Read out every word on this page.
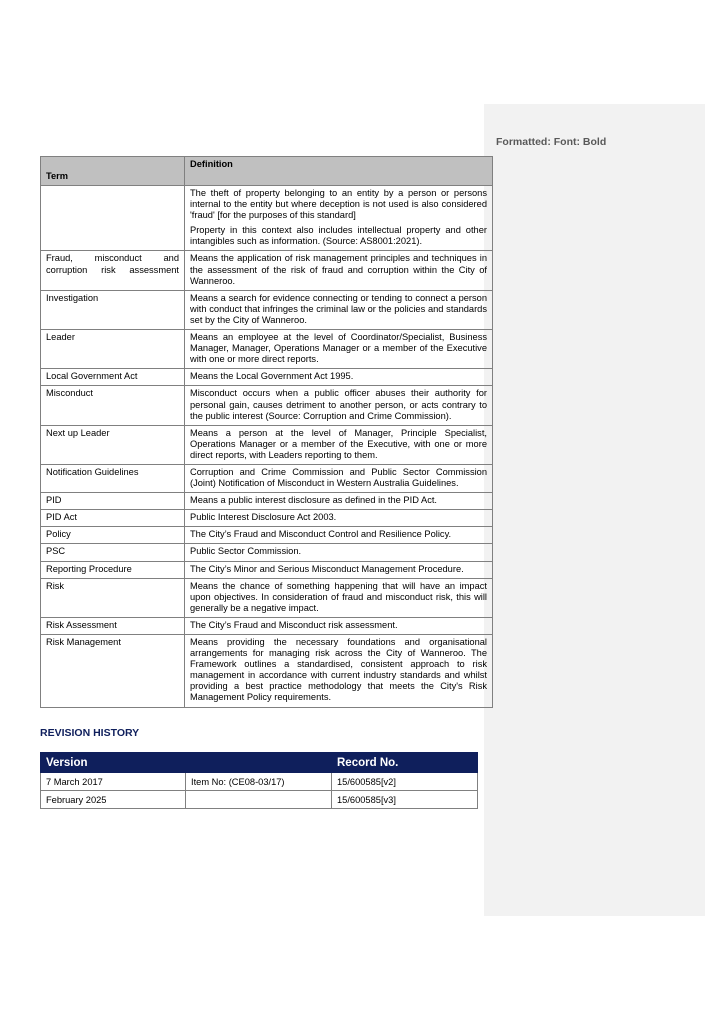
Formatted: Font: Bold
Term	Definition

	The theft of property belonging to an entity by a person or persons internal to the entity but where deception is not used is also considered 'fraud' [for the purposes of this standard]

Property in this context also includes intellectual property and other intangibles such as information. (Source: AS8001:2021).

Fraud, misconduct and corruption risk assessment	Means the application of risk management principles and techniques in the assessment of the risk of fraud and corruption within the City of Wanneroo.

Investigation	Means a search for evidence connecting or tending to connect a person with conduct that infringes the criminal law or the policies and standards set by the City of Wanneroo.

Leader	Means an employee at the level of Coordinator/Specialist, Business Manager, Manager, Operations Manager or a member of the Executive with one or more direct reports.

Local Government Act	Means the Local Government Act 1995.

Misconduct	Misconduct occurs when a public officer abuses their authority for personal gain, causes detriment to another person, or acts contrary to the public interest (Source: Corruption and Crime Commission).

Next up Leader	Means a person at the level of Manager, Principle Specialist, Operations Manager or a member of the Executive, with one or more direct reports, with Leaders reporting to them.

Notification Guidelines	Corruption and Crime Commission and Public Sector Commission (Joint) Notification of Misconduct in Western Australia Guidelines.

PID	Means a public interest disclosure as defined in the PID Act.

PID Act	Public Interest Disclosure Act 2003.

Policy	The City’s Fraud and Misconduct Control and Resilience Policy.

PSC	Public Sector Commission.

Reporting Procedure	The City’s Minor and Serious Misconduct Management Procedure.

Risk	Means the chance of something happening that will have an impact upon objectives. In consideration of fraud and misconduct risk, this will generally be a negative impact.

Risk Assessment	The City’s Fraud and Misconduct risk assessment.

Risk Management	Means providing the necessary foundations and organisational arrangements for managing risk across the City of Wanneroo. The Framework outlines a standardised, consistent approach to risk management in accordance with current industry standards and whilst providing a best practice methodology that meets the City's Risk Management Policy requirements.

REVISION HISTORY
Version		Record No.
7 March 2017	Item No: (CE08-03/17)	15/600585[v2]
February 2025		15/600585[v3]
